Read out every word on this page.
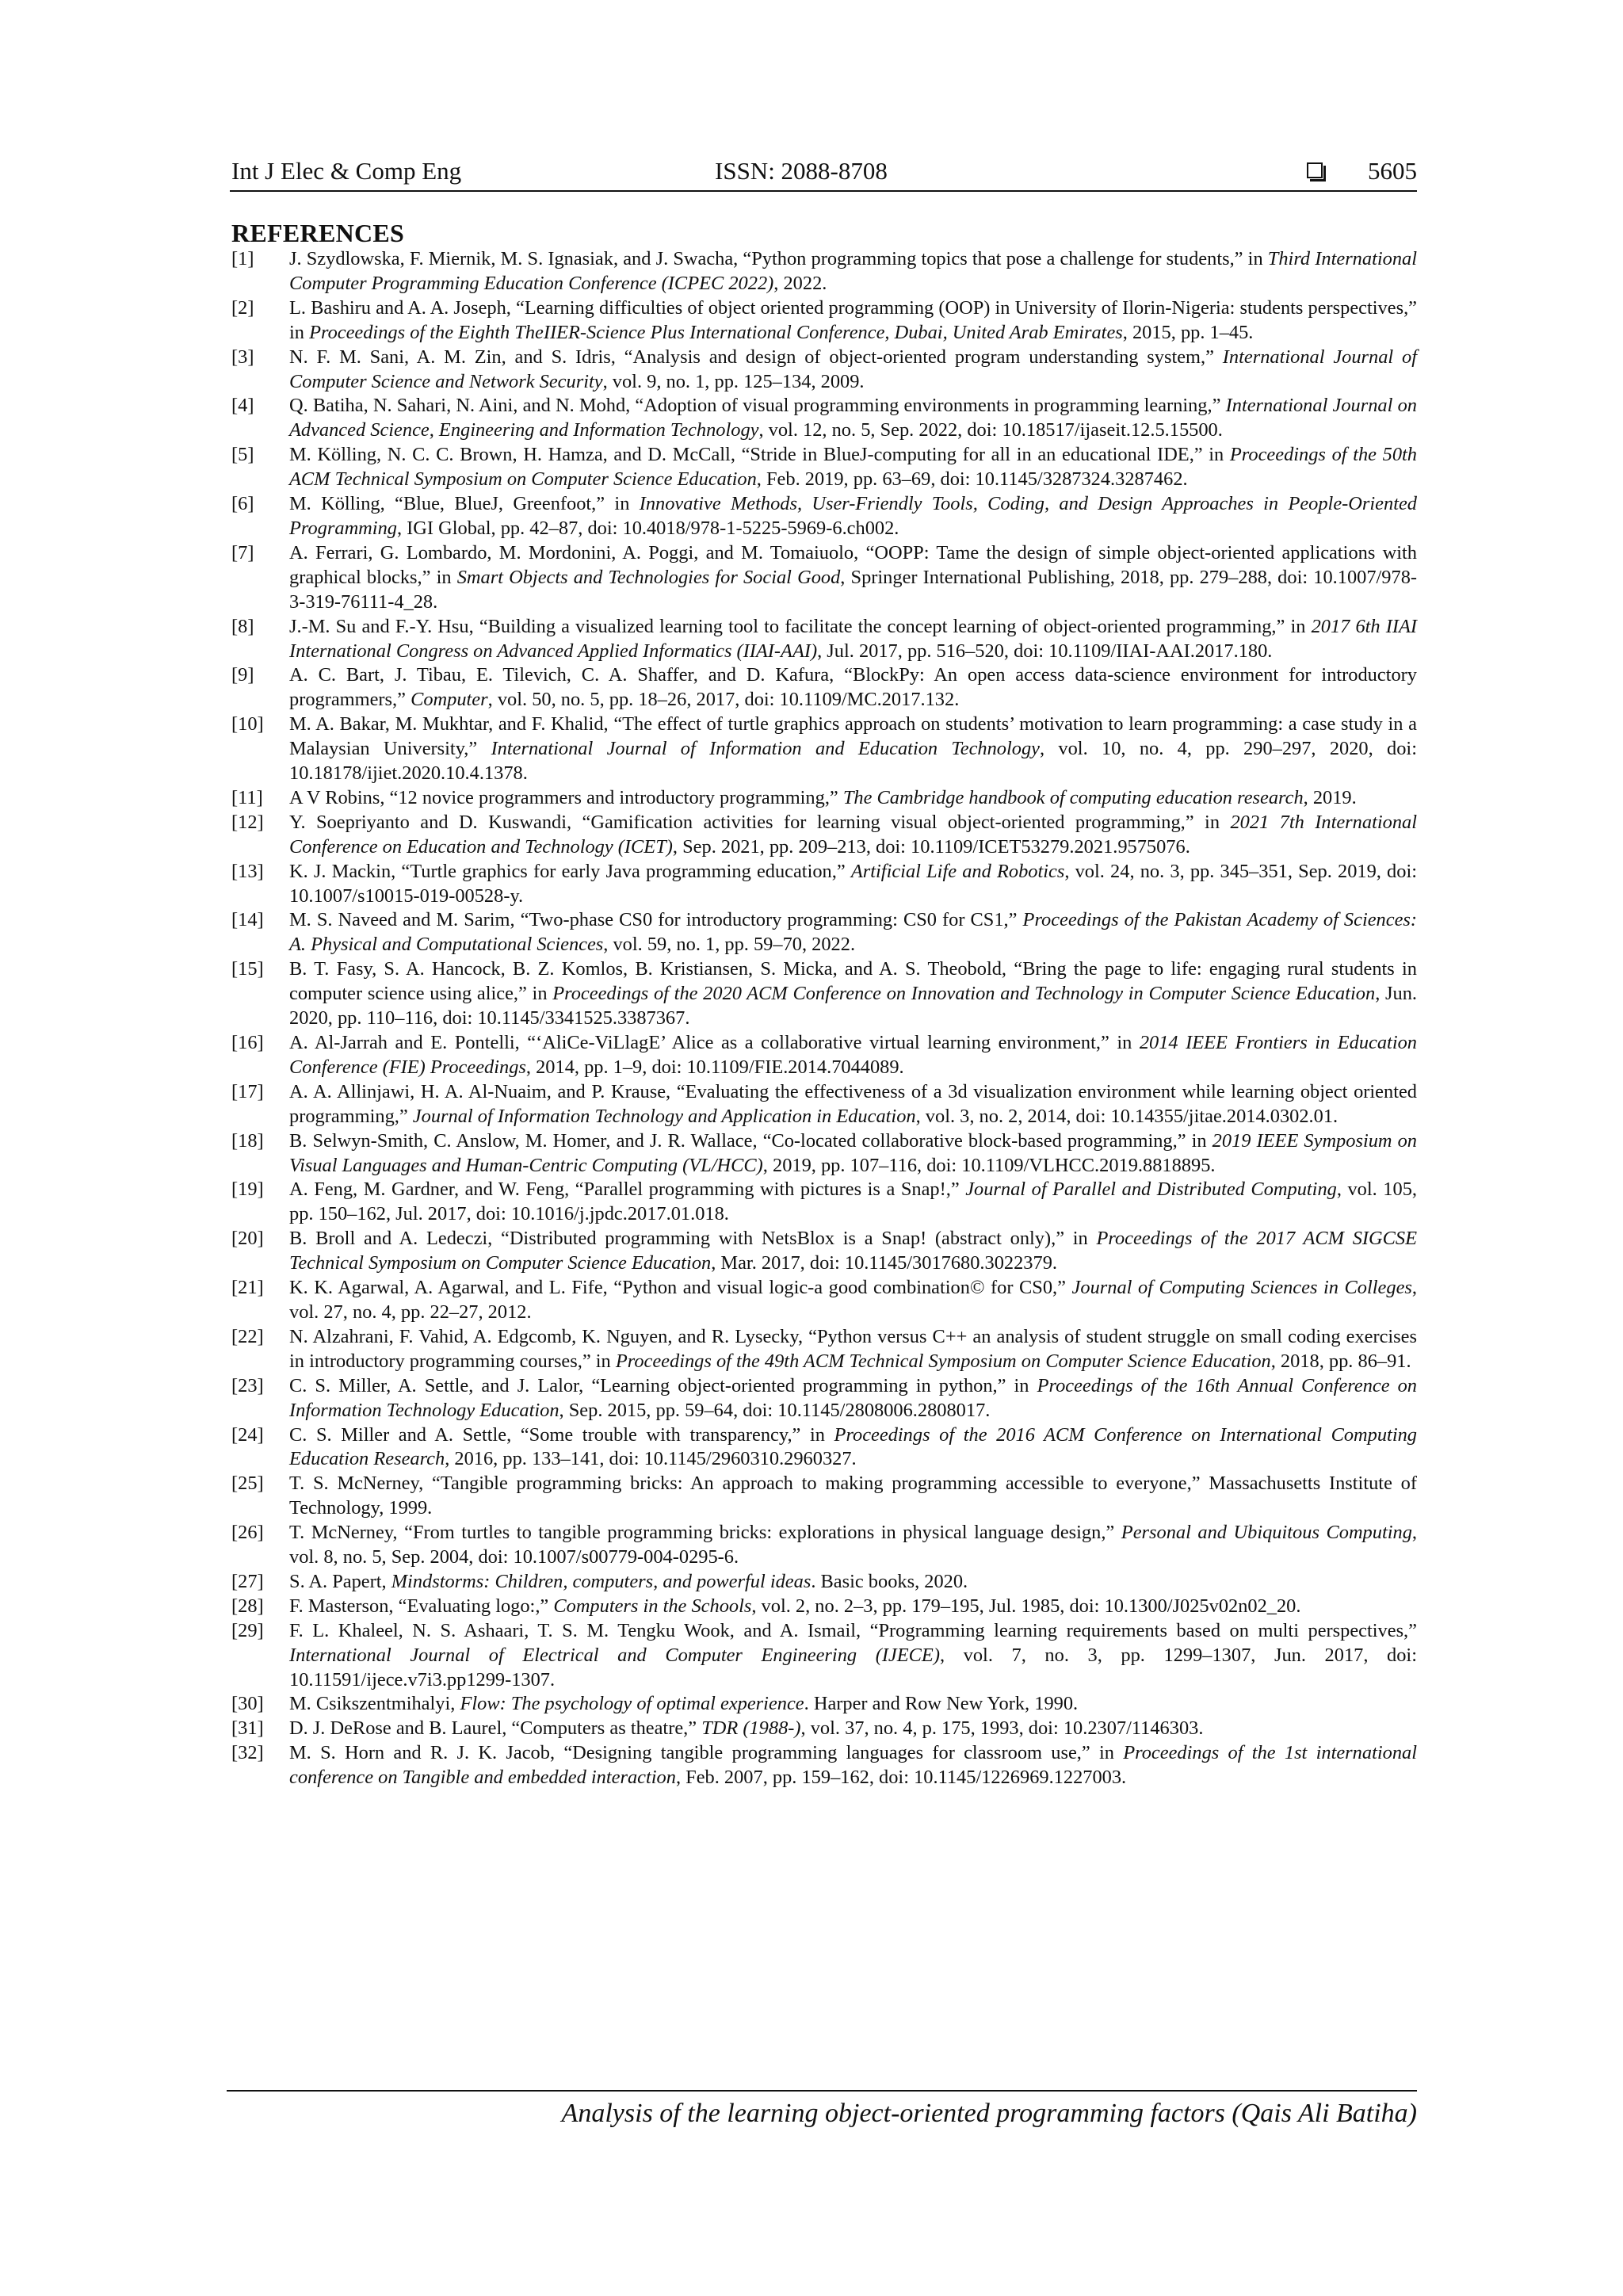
Int J Elec & Comp Eng	ISSN: 2088-8708	5605
REFERENCES
[1] J. Szydlowska, F. Miernik, M. S. Ignasiak, and J. Swacha, “Python programming topics that pose a challenge for students,” in Third International Computer Programming Education Conference (ICPEC 2022), 2022.
[2] L. Bashiru and A. A. Joseph, “Learning difficulties of object oriented programming (OOP) in University of Ilorin-Nigeria: students perspectives,” in Proceedings of the Eighth TheIIER-Science Plus International Conference, Dubai, United Arab Emirates, 2015, pp. 1–45.
[3] N. F. M. Sani, A. M. Zin, and S. Idris, “Analysis and design of object-oriented program understanding system,” International Journal of Computer Science and Network Security, vol. 9, no. 1, pp. 125–134, 2009.
[4] Q. Batiha, N. Sahari, N. Aini, and N. Mohd, “Adoption of visual programming environments in programming learning,” International Journal on Advanced Science, Engineering and Information Technology, vol. 12, no. 5, Sep. 2022, doi: 10.18517/ijaseit.12.5.15500.
[5] M. Kölling, N. C. C. Brown, H. Hamza, and D. McCall, “Stride in BlueJ-computing for all in an educational IDE,” in Proceedings of the 50th ACM Technical Symposium on Computer Science Education, Feb. 2019, pp. 63–69, doi: 10.1145/3287324.3287462.
[6] M. Kölling, “Blue, BlueJ, Greenfoot,” in Innovative Methods, User-Friendly Tools, Coding, and Design Approaches in People-Oriented Programming, IGI Global, pp. 42–87, doi: 10.4018/978-1-5225-5969-6.ch002.
[7] A. Ferrari, G. Lombardo, M. Mordonini, A. Poggi, and M. Tomaiuolo, “OOPP: Tame the design of simple object-oriented applications with graphical blocks,” in Smart Objects and Technologies for Social Good, Springer International Publishing, 2018, pp. 279–288, doi: 10.1007/978-3-319-76111-4_28.
[8] J.-M. Su and F.-Y. Hsu, “Building a visualized learning tool to facilitate the concept learning of object-oriented programming,” in 2017 6th IIAI International Congress on Advanced Applied Informatics (IIAI-AAI), Jul. 2017, pp. 516–520, doi: 10.1109/IIAI-AAI.2017.180.
[9] A. C. Bart, J. Tibau, E. Tilevich, C. A. Shaffer, and D. Kafura, “BlockPy: An open access data-science environment for introductory programmers,” Computer, vol. 50, no. 5, pp. 18–26, 2017, doi: 10.1109/MC.2017.132.
[10] M. A. Bakar, M. Mukhtar, and F. Khalid, “The effect of turtle graphics approach on students’ motivation to learn programming: a case study in a Malaysian University,” International Journal of Information and Education Technology, vol. 10, no. 4, pp. 290–297, 2020, doi: 10.18178/ijiet.2020.10.4.1378.
[11] A V Robins, “12 novice programmers and introductory programming,” The Cambridge handbook of computing education research, 2019.
[12] Y. Soepriyanto and D. Kuswandi, “Gamification activities for learning visual object-oriented programming,” in 2021 7th International Conference on Education and Technology (ICET), Sep. 2021, pp. 209–213, doi: 10.1109/ICET53279.2021.9575076.
[13] K. J. Mackin, “Turtle graphics for early Java programming education,” Artificial Life and Robotics, vol. 24, no. 3, pp. 345–351, Sep. 2019, doi: 10.1007/s10015-019-00528-y.
[14] M. S. Naveed and M. Sarim, “Two-phase CS0 for introductory programming: CS0 for CS1,” Proceedings of the Pakistan Academy of Sciences: A. Physical and Computational Sciences, vol. 59, no. 1, pp. 59–70, 2022.
[15] B. T. Fasy, S. A. Hancock, B. Z. Komlos, B. Kristiansen, S. Micka, and A. S. Theobold, “Bring the page to life: engaging rural students in computer science using alice,” in Proceedings of the 2020 ACM Conference on Innovation and Technology in Computer Science Education, Jun. 2020, pp. 110–116, doi: 10.1145/3341525.3387367.
[16] A. Al-Jarrah and E. Pontelli, “‘AliCe-ViLlagE’ Alice as a collaborative virtual learning environment,” in 2014 IEEE Frontiers in Education Conference (FIE) Proceedings, 2014, pp. 1–9, doi: 10.1109/FIE.2014.7044089.
[17] A. A. Allinjawi, H. A. Al-Nuaim, and P. Krause, “Evaluating the effectiveness of a 3d visualization environment while learning object oriented programming,” Journal of Information Technology and Application in Education, vol. 3, no. 2, 2014, doi: 10.14355/jitae.2014.0302.01.
[18] B. Selwyn-Smith, C. Anslow, M. Homer, and J. R. Wallace, “Co-located collaborative block-based programming,” in 2019 IEEE Symposium on Visual Languages and Human-Centric Computing (VL/HCC), 2019, pp. 107–116, doi: 10.1109/VLHCC.2019.8818895.
[19] A. Feng, M. Gardner, and W. Feng, “Parallel programming with pictures is a Snap!,” Journal of Parallel and Distributed Computing, vol. 105, pp. 150–162, Jul. 2017, doi: 10.1016/j.jpdc.2017.01.018.
[20] B. Broll and A. Ledeczi, “Distributed programming with NetsBlox is a Snap! (abstract only),” in Proceedings of the 2017 ACM SIGCSE Technical Symposium on Computer Science Education, Mar. 2017, doi: 10.1145/3017680.3022379.
[21] K. K. Agarwal, A. Agarwal, and L. Fife, “Python and visual logic-a good combination© for CS0,” Journal of Computing Sciences in Colleges, vol. 27, no. 4, pp. 22–27, 2012.
[22] N. Alzahrani, F. Vahid, A. Edgcomb, K. Nguyen, and R. Lysecky, “Python versus C++ an analysis of student struggle on small coding exercises in introductory programming courses,” in Proceedings of the 49th ACM Technical Symposium on Computer Science Education, 2018, pp. 86–91.
[23] C. S. Miller, A. Settle, and J. Lalor, “Learning object-oriented programming in python,” in Proceedings of the 16th Annual Conference on Information Technology Education, Sep. 2015, pp. 59–64, doi: 10.1145/2808006.2808017.
[24] C. S. Miller and A. Settle, “Some trouble with transparency,” in Proceedings of the 2016 ACM Conference on International Computing Education Research, 2016, pp. 133–141, doi: 10.1145/2960310.2960327.
[25] T. S. McNerney, “Tangible programming bricks: An approach to making programming accessible to everyone,” Massachusetts Institute of Technology, 1999.
[26] T. McNerney, “From turtles to tangible programming bricks: explorations in physical language design,” Personal and Ubiquitous Computing, vol. 8, no. 5, Sep. 2004, doi: 10.1007/s00779-004-0295-6.
[27] S. A. Papert, Mindstorms: Children, computers, and powerful ideas. Basic books, 2020.
[28] F. Masterson, “Evaluating logo:,” Computers in the Schools, vol. 2, no. 2–3, pp. 179–195, Jul. 1985, doi: 10.1300/J025v02n02_20.
[29] F. L. Khaleel, N. S. Ashaari, T. S. M. Tengku Wook, and A. Ismail, “Programming learning requirements based on multi perspectives,” International Journal of Electrical and Computer Engineering (IJECE), vol. 7, no. 3, pp. 1299–1307, Jun. 2017, doi: 10.11591/ijece.v7i3.pp1299-1307.
[30] M. Csikszentmihalyi, Flow: The psychology of optimal experience. Harper and Row New York, 1990.
[31] D. J. DeRose and B. Laurel, “Computers as theatre,” TDR (1988-), vol. 37, no. 4, p. 175, 1993, doi: 10.2307/1146303.
[32] M. S. Horn and R. J. K. Jacob, “Designing tangible programming languages for classroom use,” in Proceedings of the 1st international conference on Tangible and embedded interaction, Feb. 2007, pp. 159–162, doi: 10.1145/1226969.1227003.
Analysis of the learning object-oriented programming factors (Qais Ali Batiha)
